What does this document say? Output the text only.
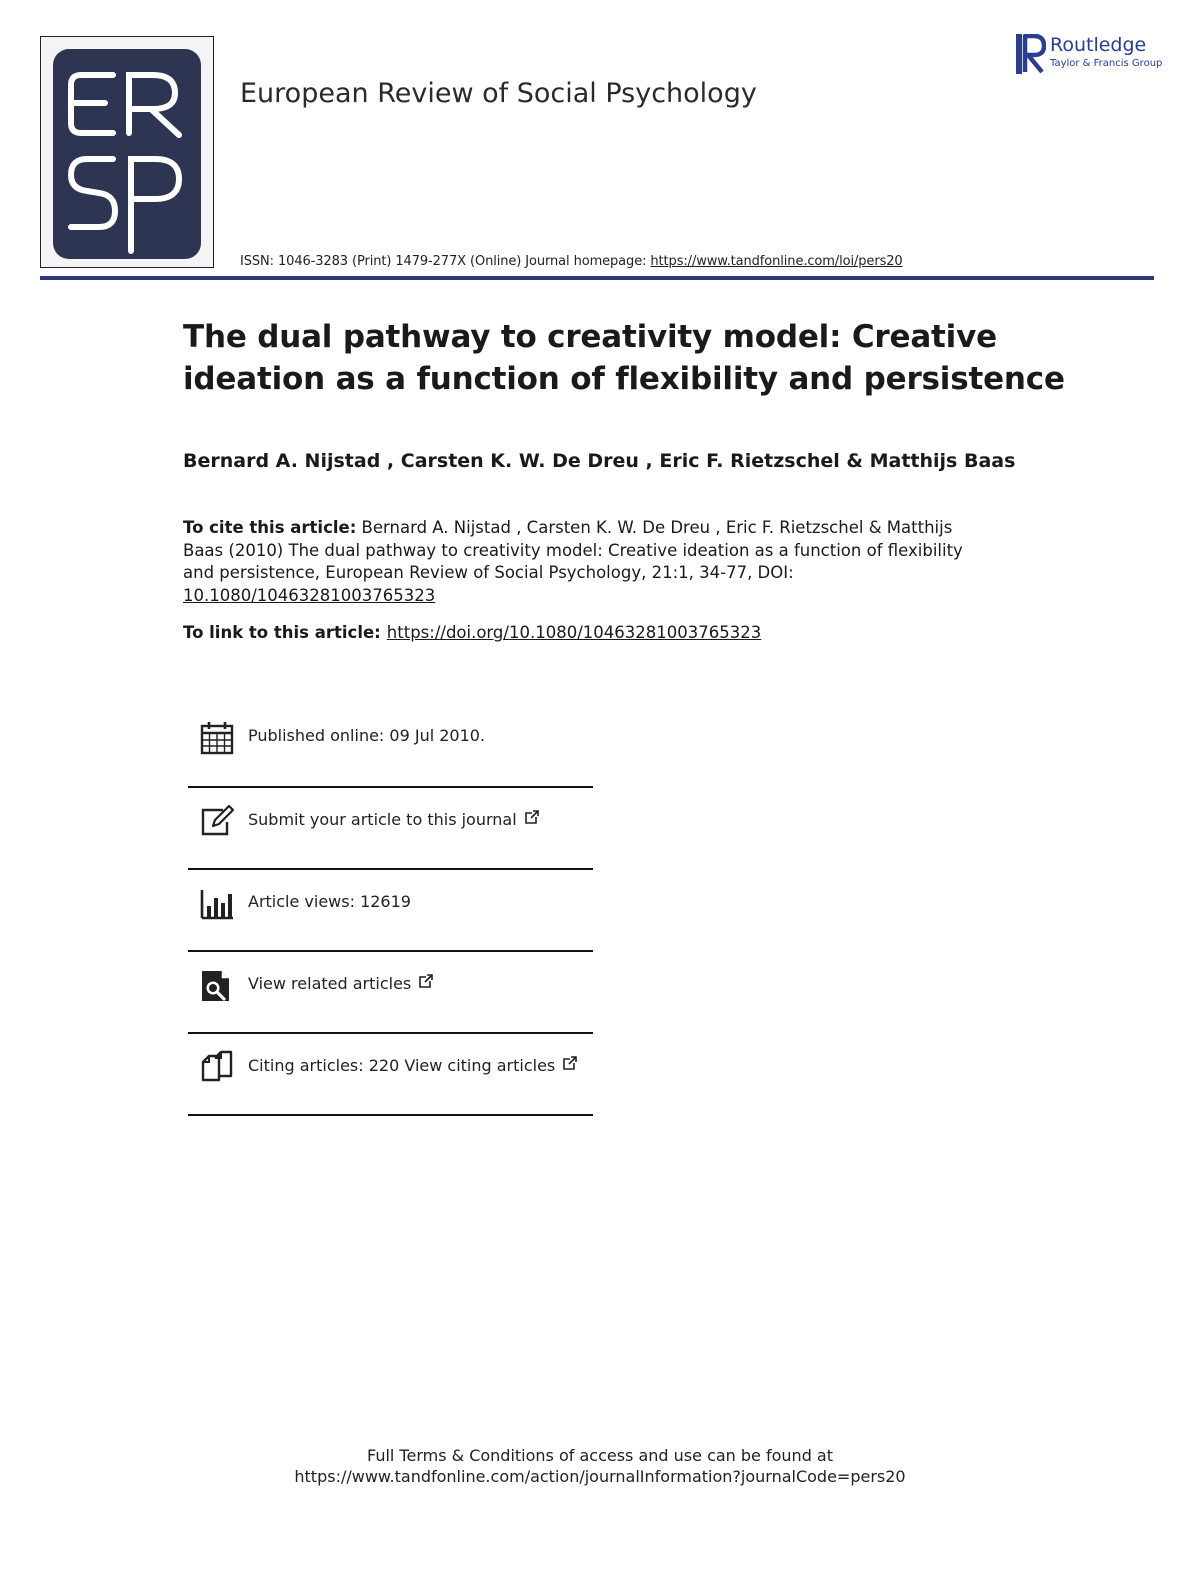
European Review of Social Psychology
ISSN: 1046-3283 (Print) 1479-277X (Online) Journal homepage: https://www.tandfonline.com/loi/pers20
Routledge
Taylor & Francis Group
The dual pathway to creativity model: Creative ideation as a function of flexibility and persistence
Bernard A. Nijstad , Carsten K. W. De Dreu , Eric F. Rietzschel & Matthijs Baas
To cite this article: Bernard A. Nijstad , Carsten K. W. De Dreu , Eric F. Rietzschel & Matthijs Baas (2010) The dual pathway to creativity model: Creative ideation as a function of flexibility and persistence, European Review of Social Psychology, 21:1, 34-77, DOI: 10.1080/10463281003765323
To link to this article: https://doi.org/10.1080/10463281003765323
Published online: 09 Jul 2010.
Submit your article to this journal
Article views: 12619
View related articles
Citing articles: 220 View citing articles
Full Terms & Conditions of access and use can be found at
https://www.tandfonline.com/action/journalInformation?journalCode=pers20
